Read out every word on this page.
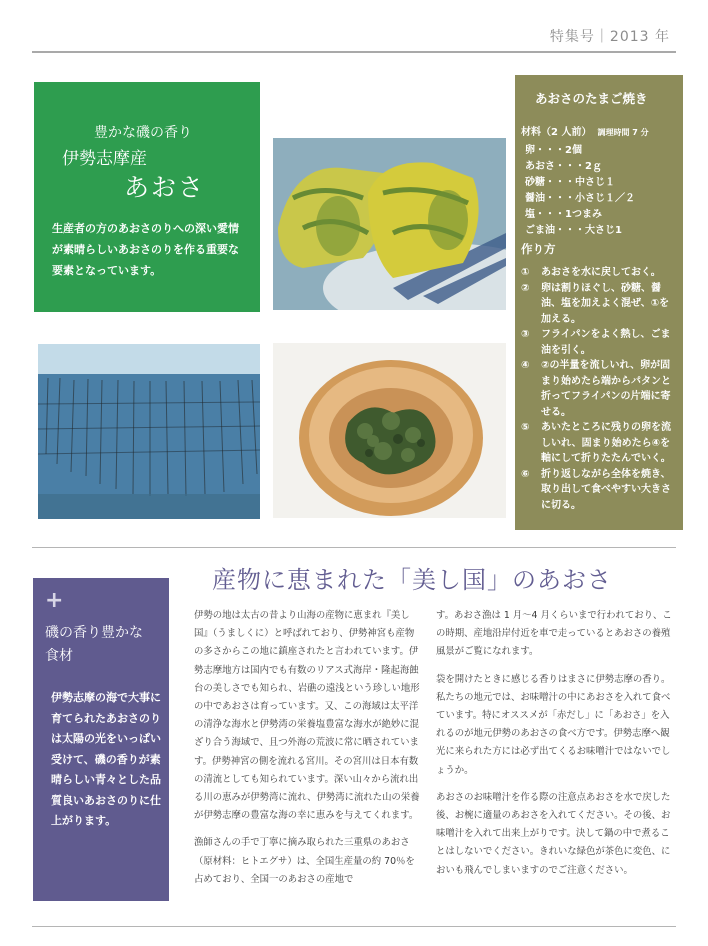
特集号｜2013 年
豊かな磯の香り
伊勢志摩産
あおさ
生産者の方のあおさのりへの深い愛情が素晴らしいあおさのりを作る重要な要素となっています。
あおさのたまご焼き
材料（2 人前） 調理時間 7 分
卵・・・2個
あおさ・・・2ｇ
砂糖・・・中さじ１
醤油・・・小さじ１／２
塩・・・1つまみ
ごま油・・・大さじ1
作り方
①	あおさを水に戻しておく。
②	卵は割りほぐし、砂糖、醤油、塩を加えよく混ぜ、①を加える。
③	フライパンをよく熱し、ごま油を引く。
④	②の半量を流しいれ、卵が固まり始めたら端からパタンと折ってフライパンの片端に寄せる。
⑤	あいたところに残りの卵を流しいれ、固まり始めたら④を軸にして折りたたんでいく。
⑥	折り返しながら全体を焼き、取り出して食べやすい大きさに切る。
+
磯の香り豊かな
食材
伊勢志摩の海で大事に育てられたあおさのりは太陽の光をいっぱい受けて、磯の香りが素晴らしい青々とした品質良いあおさのりに仕上がります。
産物に恵まれた「美し国」のあおさ

伊勢の地は太古の昔より山海の産物に恵まれ『美し国』（うましくに）と呼ばれており、伊勢神宮も産物の多さからこの地に鎮座されたと言われています。伊勢志摩地方は国内でも有数のリアス式海岸・隆起海蝕台の美しさでも知られ、岩礁の遠浅という珍しい地形の中であおさは育っています。又、この海域は太平洋の清浄な海水と伊勢湾の栄養塩豊富な海水が絶妙に混ざり合う海域で、且つ外海の荒波に常に晒されています。伊勢神宮の側を流れる宮川。その宮川は日本有数の清流としても知られています。深い山々から流れ出る川の恵みが伊勢湾に流れ、伊勢湾に流れた山の栄養が伊勢志摩の豊富な海の幸に恵みを与えてくれます。

漁師さんの手で丁寧に摘み取られた三重県のあおさ（原材料：ヒトエグサ）は、全国生産量の約 70％を占めており、全国一のあおさの産地で

す。あおさ漁は 1 月～4 月くらいまで行われており、この時期、産地沿岸付近を車で走っているとあおさの養殖風景がご覧になれます。

袋を開けたときに感じる香りはまさに伊勢志摩の香り。私たちの地元では、お味噌汁の中にあおさを入れて食べています。特にオススメが「赤だし」に「あおさ」を入れるのが地元伊勢のあおさの食べ方です。伊勢志摩へ観光に来られた方には必ず出てくるお味噌汁ではないでしょうか。

あおさのお味噌汁を作る際の注意点あおさを水で戻した後、お椀に適量のあおさを入れてください。その後、お味噌汁を入れて出来上がりです。決して鍋の中で煮ることはしないでください。きれいな緑色が茶色に変色、においも飛んでしまいますのでご注意ください。
